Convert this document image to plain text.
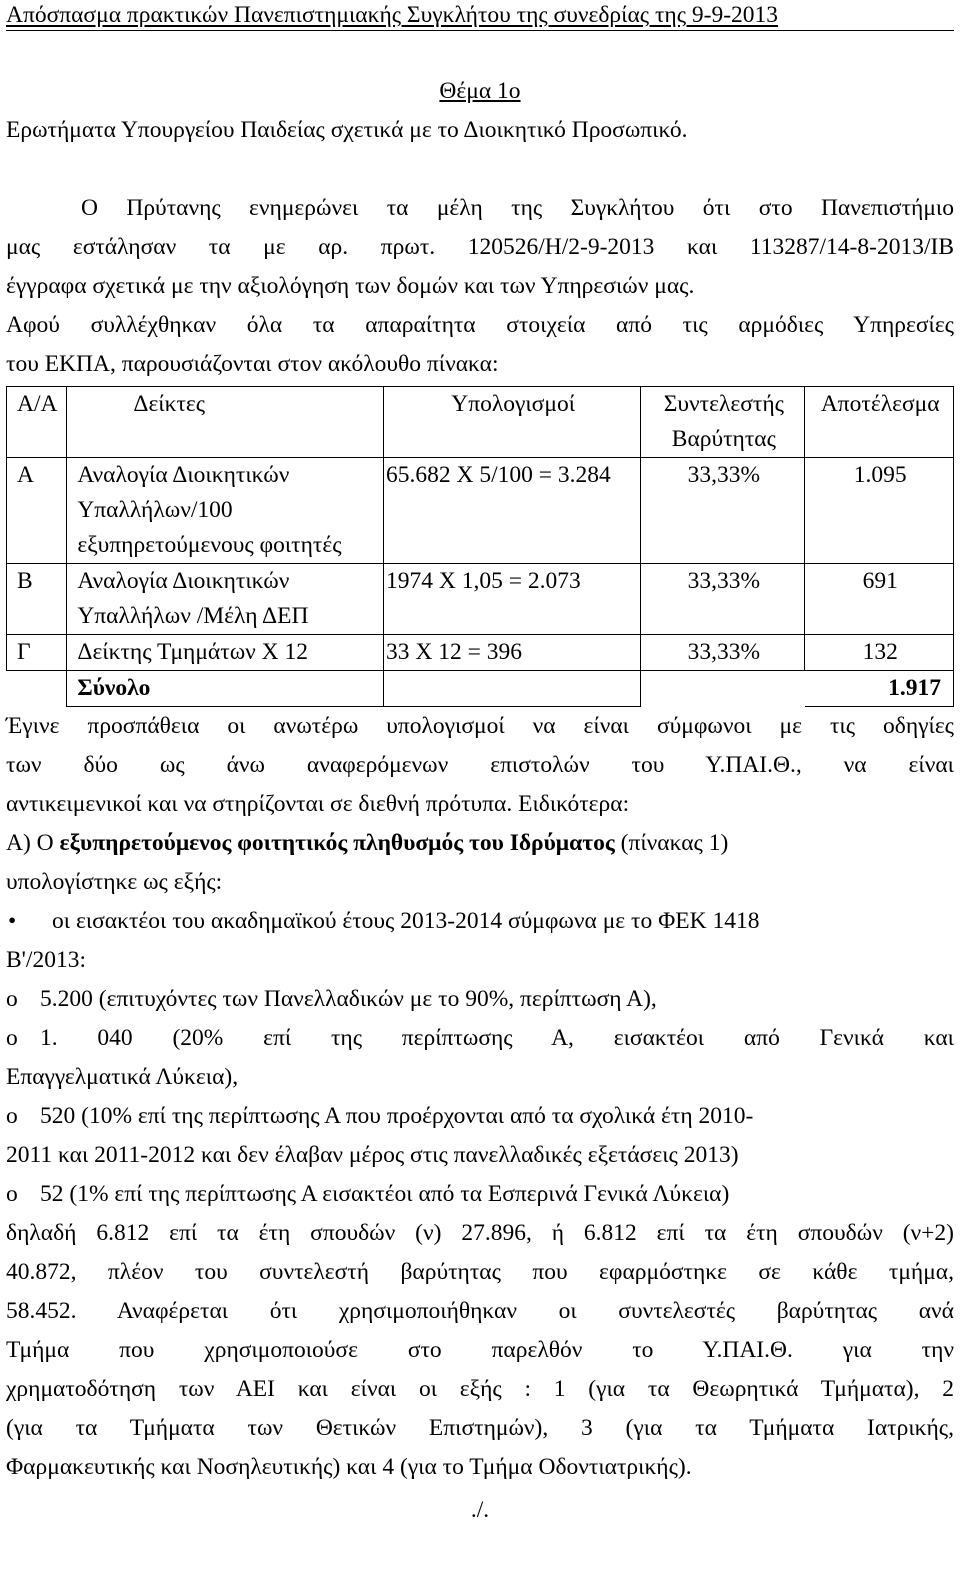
Απόσπασμα πρακτικών Πανεπιστημιακής Συγκλήτου της συνεδρίας της 9-9-2013

Θέμα 1ο

Ερωτήματα Υπουργείου Παιδείας σχετικά με το Διοικητικό Προσωπικό.

Ο Πρύτανης ενημερώνει τα μέλη της Συγκλήτου ότι στο Πανεπιστήμιο

μας εστάλησαν τα με αρ. πρωτ. 120526/Η/2-9-2013 και 113287/14-8-2013/ΙΒ

έγγραφα σχετικά με την αξιολόγηση των δομών και των Υπηρεσιών μας.

Αφού συλλέχθηκαν όλα τα απαραίτητα στοιχεία από τις αρμόδιες Υπηρεσίες

του ΕΚΠΑ, παρουσιάζονται στον ακόλουθο πίνακα:

Α/Α	Δείκτες	Υπολογισμοί	Συντελεστής Βαρύτητας	Αποτέλεσμα
Α	Αναλογία Διοικητικών Υπαλλήλων/100 εξυπηρετούμενους φοιτητές	65.682 Χ 5/100 = 3.284	33,33%	1.095
Β	Αναλογία Διοικητικών Υπαλλήλων /Μέλη ΔΕΠ	1974 Χ 1,05 = 2.073	33,33%	691
Γ	Δείκτης Τμημάτων Χ 12	33 Χ 12 = 396	33,33%	132
	Σύνολο			1.917

Έγινε προσπάθεια οι ανωτέρω υπολογισμοί να είναι σύμφωνοι με τις οδηγίες

των δύο ως άνω αναφερόμενων επιστολών του Υ.ΠΑΙ.Θ., να είναι

αντικειμενικοί και να στηρίζονται σε διεθνή πρότυπα. Ειδικότερα:

Α) Ο εξυπηρετούμενος φοιτητικός πληθυσμός του Ιδρύματος (πίνακας 1)

υπολογίστηκε ως εξής:

• οι εισακτέοι του ακαδημαϊκού έτους 2013-2014 σύμφωνα με το ΦΕΚ 1418

Β'/2013:

o 5.200 (επιτυχόντες των Πανελλαδικών με το 90%, περίπτωση Α),

o 1. 040 (20% επί της περίπτωσης Α, εισακτέοι από Γενικά και

Επαγγελματικά Λύκεια),

o 520 (10% επί της περίπτωσης Α που προέρχονται από τα σχολικά έτη 2010-

2011 και 2011-2012 και δεν έλαβαν μέρος στις πανελλαδικές εξετάσεις 2013)

o 52 (1% επί της περίπτωσης Α εισακτέοι από τα Εσπερινά Γενικά Λύκεια)

δηλαδή 6.812 επί τα έτη σπουδών (ν) 27.896, ή 6.812 επί τα έτη σπουδών (ν+2)

40.872, πλέον του συντελεστή βαρύτητας που εφαρμόστηκε σε κάθε τμήμα,

58.452. Αναφέρεται ότι χρησιμοποιήθηκαν οι συντελεστές βαρύτητας ανά

Τμήμα που χρησιμοποιούσε στο παρελθόν το Υ.ΠΑΙ.Θ. για την

χρηματοδότηση των ΑΕΙ και είναι οι εξής : 1 (για τα Θεωρητικά Τμήματα), 2

(για τα Τμήματα των Θετικών Επιστημών), 3 (για τα Τμήματα Ιατρικής,

Φαρμακευτικής και Νοσηλευτικής) και 4 (για το Τμήμα Οδοντιατρικής).

./.
